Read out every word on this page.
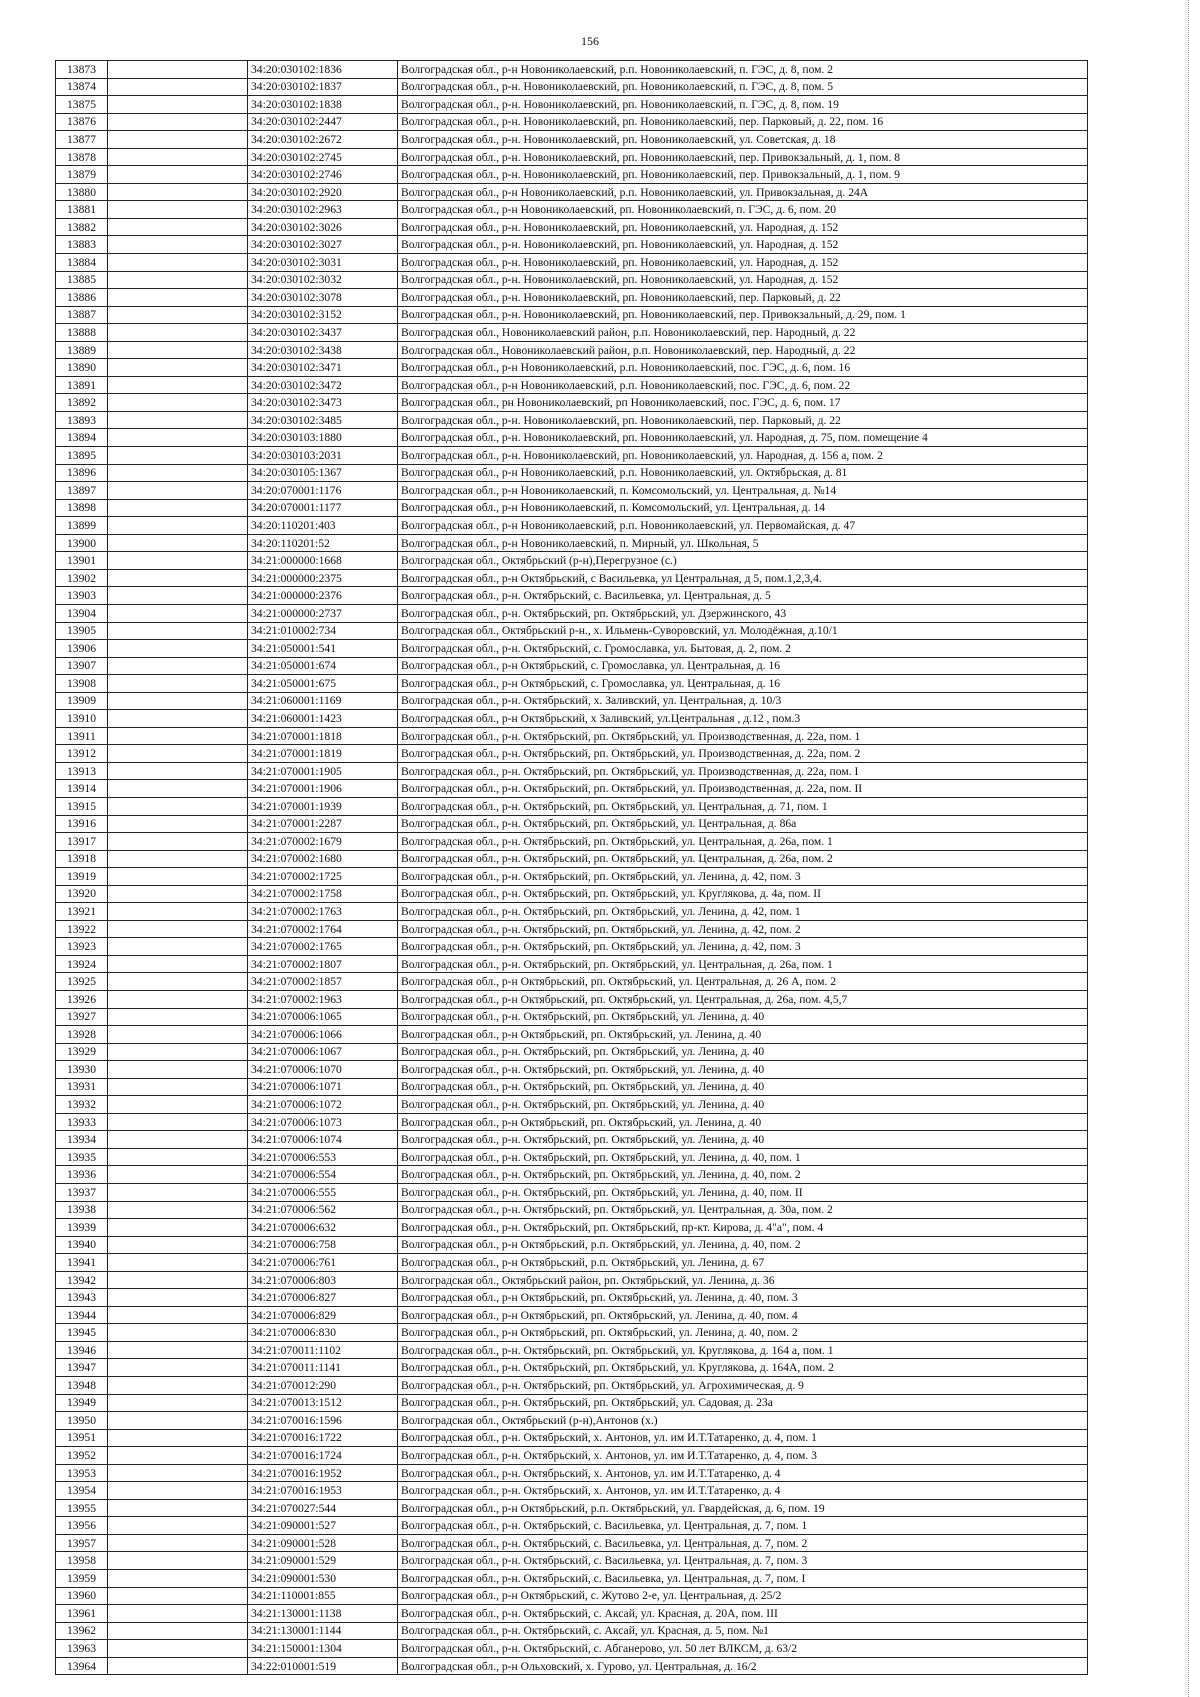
156
13873		34:20:030102:1836	Волгоградская обл., р-н Новониколаевский, р.п. Новониколаевский, п. ГЭС, д. 8, пом. 2
13874		34:20:030102:1837	Волгоградская обл., р-н. Новониколаевский, рп. Новониколаевский, п. ГЭС, д. 8, пом. 5
13875		34:20:030102:1838	Волгоградская обл., р-н. Новониколаевский, рп. Новониколаевский, п. ГЭС, д. 8, пом. 19
13876		34:20:030102:2447	Волгоградская обл., р-н. Новониколаевский, рп. Новониколаевский, пер. Парковый, д. 22, пом. 16
13877		34:20:030102:2672	Волгоградская обл., р-н. Новониколаевский, рп. Новониколаевский, ул. Советская, д. 18
13878		34:20:030102:2745	Волгоградская обл., р-н. Новониколаевский, рп. Новониколаевский, пер. Привокзальный, д. 1, пом. 8
13879		34:20:030102:2746	Волгоградская обл., р-н. Новониколаевский, рп. Новониколаевский, пер. Привокзальный, д. 1, пом. 9
13880		34:20:030102:2920	Волгоградская обл., р-н Новониколаевский, р.п. Новониколаевский, ул. Привокзальная, д. 24А
13881		34:20:030102:2963	Волгоградская обл., р-н Новониколаевский, рп. Новониколаевский, п. ГЭС, д. 6, пом. 20
13882		34:20:030102:3026	Волгоградская обл., р-н. Новониколаевский, рп. Новониколаевский, ул. Народная, д. 152
13883		34:20:030102:3027	Волгоградская обл., р-н. Новониколаевский, рп. Новониколаевский, ул. Народная, д. 152
13884		34:20:030102:3031	Волгоградская обл., р-н. Новониколаевский, рп. Новониколаевский, ул. Народная, д. 152
13885		34:20:030102:3032	Волгоградская обл., р-н. Новониколаевский, рп. Новониколаевский, ул. Народная, д. 152
13886		34:20:030102:3078	Волгоградская обл., р-н. Новониколаевский, рп. Новониколаевский, пер. Парковый, д. 22
13887		34:20:030102:3152	Волгоградская обл., р-н. Новониколаевский, рп. Новониколаевский, пер. Привокзальный, д. 29, пом. 1
13888		34:20:030102:3437	Волгоградская обл., Новониколаевский район, р.п. Новониколаевский, пер. Народный, д. 22
13889		34:20:030102:3438	Волгоградская обл., Новониколаевский район, р.п. Новониколаевский, пер. Народный, д. 22
13890		34:20:030102:3471	Волгоградская обл., р-н Новониколаевский, р.п. Новониколаевский, пос. ГЭС, д. 6, пом. 16
13891		34:20:030102:3472	Волгоградская обл., р-н Новониколаевский, р.п. Новониколаевский, пос. ГЭС, д. 6, пом. 22
13892		34:20:030102:3473	Волгоградская обл., рн Новониколаевский, рп Новониколаевский, пос. ГЭС, д. 6, пом. 17
13893		34:20:030102:3485	Волгоградская обл., р-н. Новониколаевский, рп. Новониколаевский, пер. Парковый, д. 22
13894		34:20:030103:1880	Волгоградская обл., р-н. Новониколаевский, рп. Новониколаевский, ул. Народная, д. 75, пом. помещение 4
13895		34:20:030103:2031	Волгоградская обл., р-н. Новониколаевский, рп. Новониколаевский, ул. Народная, д. 156 а, пом. 2
13896		34:20:030105:1367	Волгоградская обл., р-н Новониколаевский, р.п. Новониколаевский, ул. Октябрьская, д. 81
13897		34:20:070001:1176	Волгоградская обл., р-н Новониколаевский, п. Комсомольский, ул. Центральная, д. №14
13898		34:20:070001:1177	Волгоградская обл., р-н Новониколаевский, п. Комсомольский, ул. Центральная, д. 14
13899		34:20:110201:403	Волгоградская обл., р-н Новониколаевский, р.п. Новониколаевский, ул. Первомайская, д. 47
13900		34:20:110201:52	Волгоградская обл., р-н Новониколаевский, п. Мирный, ул. Школьная, 5
13901		34:21:000000:1668	Волгоградская обл., Октябрьский (р-н),Перегрузное (с.)
13902		34:21:000000:2375	Волгоградская обл., р-н Октябрьский, с Васильевка, ул Центральная, д 5, пом.1,2,3,4.
13903		34:21:000000:2376	Волгоградская обл., р-н. Октябрьский, с. Васильевка, ул. Центральная, д. 5
13904		34:21:000000:2737	Волгоградская обл., р-н. Октябрьский, рп. Октябрьский, ул. Дзержинского, 43
13905		34:21:010002:734	Волгоградская обл., Октябрьский р-н., х. Ильмень-Суворовский, ул. Молодёжная, д.10/1
13906		34:21:050001:541	Волгоградская обл., р-н. Октябрьский, с. Громославка, ул. Бытовая, д. 2, пом. 2
13907		34:21:050001:674	Волгоградская обл., р-н Октябрьский, с. Громославка, ул. Центральная, д. 16
13908		34:21:050001:675	Волгоградская обл., р-н Октябрьский, с. Громославка, ул. Центральная, д. 16
13909		34:21:060001:1169	Волгоградская обл., р-н. Октябрьский, х. Заливский, ул. Центральная, д. 10/3
13910		34:21:060001:1423	Волгоградская обл., р-н Октябрьский, х Заливский, ул.Центральная , д.12 , пом.3
13911		34:21:070001:1818	Волгоградская обл., р-н. Октябрьский, рп. Октябрьский, ул. Производственная, д. 22а, пом. 1
13912		34:21:070001:1819	Волгоградская обл., р-н. Октябрьский, рп. Октябрьский, ул. Производственная, д. 22а, пом. 2
13913		34:21:070001:1905	Волгоградская обл., р-н. Октябрьский, рп. Октябрьский, ул. Производственная, д. 22а, пом. I
13914		34:21:070001:1906	Волгоградская обл., р-н. Октябрьский, рп. Октябрьский, ул. Производственная, д. 22а, пом. II
13915		34:21:070001:1939	Волгоградская обл., р-н. Октябрьский, рп. Октябрьский, ул. Центральная, д. 71, пом. 1
13916		34:21:070001:2287	Волгоградская обл., р-н. Октябрьский, рп. Октябрьский, ул. Центральная, д. 86а
13917		34:21:070002:1679	Волгоградская обл., р-н. Октябрьский, рп. Октябрьский, ул. Центральная, д. 26а, пом. 1
13918		34:21:070002:1680	Волгоградская обл., р-н. Октябрьский, рп. Октябрьский, ул. Центральная, д. 26а, пом. 2
13919		34:21:070002:1725	Волгоградская обл., р-н. Октябрьский, рп. Октябрьский, ул. Ленина, д. 42, пом. 3
13920		34:21:070002:1758	Волгоградская обл., р-н. Октябрьский, рп. Октябрьский, ул. Круглякова, д. 4а, пом. II
13921		34:21:070002:1763	Волгоградская обл., р-н. Октябрьский, рп. Октябрьский, ул. Ленина, д. 42, пом. 1
13922		34:21:070002:1764	Волгоградская обл., р-н. Октябрьский, рп. Октябрьский, ул. Ленина, д. 42, пом. 2
13923		34:21:070002:1765	Волгоградская обл., р-н. Октябрьский, рп. Октябрьский, ул. Ленина, д. 42, пом. 3
13924		34:21:070002:1807	Волгоградская обл., р-н. Октябрьский, рп. Октябрьский, ул. Центральная, д. 26а, пом. 1
13925		34:21:070002:1857	Волгоградская обл., р-н Октябрьский, рп. Октябрьский, ул. Центральная, д. 26 А, пом. 2
13926		34:21:070002:1963	Волгоградская обл., р-н Октябрьский, рп. Октябрьский, ул. Центральная, д. 26а, пом. 4,5,7
13927		34:21:070006:1065	Волгоградская обл., р-н. Октябрьский, рп. Октябрьский, ул. Ленина, д. 40
13928		34:21:070006:1066	Волгоградская обл., р-н Октябрьский, рп. Октябрьский, ул. Ленина, д. 40
13929		34:21:070006:1067	Волгоградская обл., р-н. Октябрьский, рп. Октябрьский, ул. Ленина, д. 40
13930		34:21:070006:1070	Волгоградская обл., р-н. Октябрьский, рп. Октябрьский, ул. Ленина, д. 40
13931		34:21:070006:1071	Волгоградская обл., р-н. Октябрьский, рп. Октябрьский, ул. Ленина, д. 40
13932		34:21:070006:1072	Волгоградская обл., р-н. Октябрьский, рп. Октябрьский, ул. Ленина, д. 40
13933		34:21:070006:1073	Волгоградская обл., р-н Октябрьский, рп. Октябрьский, ул. Ленина, д. 40
13934		34:21:070006:1074	Волгоградская обл., р-н. Октябрьский, рп. Октябрьский, ул. Ленина, д. 40
13935		34:21:070006:553	Волгоградская обл., р-н. Октябрьский, рп. Октябрьский, ул. Ленина, д. 40, пом. 1
13936		34:21:070006:554	Волгоградская обл., р-н. Октябрьский, рп. Октябрьский, ул. Ленина, д. 40, пом. 2
13937		34:21:070006:555	Волгоградская обл., р-н. Октябрьский, рп. Октябрьский, ул. Ленина, д. 40, пом. II
13938		34:21:070006:562	Волгоградская обл., р-н. Октябрьский, рп. Октябрьский, ул. Центральная, д. 30а, пом. 2
13939		34:21:070006:632	Волгоградская обл., р-н. Октябрьский, рп. Октябрьский, пр-кт. Кирова, д. 4"а", пом. 4
13940		34:21:070006:758	Волгоградская обл., р-н Октябрьский, р.п. Октябрьский, ул. Ленина, д. 40, пом. 2
13941		34:21:070006:761	Волгоградская обл., р-н Октябрьский, р.п. Октябрьский, ул. Ленина, д. 67
13942		34:21:070006:803	Волгоградская обл., Октябрьский район, рп. Октябрьский, ул. Ленина, д. 36
13943		34:21:070006:827	Волгоградская обл., р-н Октябрьский, рп. Октябрьский, ул. Ленина, д. 40, пом. 3
13944		34:21:070006:829	Волгоградская обл., р-н Октябрьский, рп. Октябрьский, ул. Ленина, д. 40, пом. 4
13945		34:21:070006:830	Волгоградская обл., р-н Октябрьский, рп. Октябрьский, ул. Ленина, д. 40, пом. 2
13946		34:21:070011:1102	Волгоградская обл., р-н. Октябрьский, рп. Октябрьский, ул. Круглякова, д. 164 а, пом. 1
13947		34:21:070011:1141	Волгоградская обл., р-н. Октябрьский, рп. Октябрьский, ул. Круглякова, д. 164А, пом. 2
13948		34:21:070012:290	Волгоградская обл., р-н. Октябрьский, рп. Октябрьский, ул. Агрохимическая, д. 9
13949		34:21:070013:1512	Волгоградская обл., р-н. Октябрьский, рп. Октябрьский, ул. Садовая, д. 23а
13950		34:21:070016:1596	Волгоградская обл., Октябрьский (р-н),Антонов (х.)
13951		34:21:070016:1722	Волгоградская обл., р-н. Октябрьский, х. Антонов, ул. им И.Т.Татаренко, д. 4, пом. 1
13952		34:21:070016:1724	Волгоградская обл., р-н. Октябрьский, х. Антонов, ул. им И.Т.Татаренко, д. 4, пом. 3
13953		34:21:070016:1952	Волгоградская обл., р-н. Октябрьский, х. Антонов, ул. им И.Т.Татаренко, д. 4
13954		34:21:070016:1953	Волгоградская обл., р-н. Октябрьский, х. Антонов, ул. им И.Т.Татаренко, д. 4
13955		34:21:070027:544	Волгоградская обл., р-н Октябрьский, р.п. Октябрьский, ул. Гвардейская, д. 6, пом. 19
13956		34:21:090001:527	Волгоградская обл., р-н. Октябрьский, с. Васильевка, ул. Центральная, д. 7, пом. 1
13957		34:21:090001:528	Волгоградская обл., р-н. Октябрьский, с. Васильевка, ул. Центральная, д. 7, пом. 2
13958		34:21:090001:529	Волгоградская обл., р-н. Октябрьский, с. Васильевка, ул. Центральная, д. 7, пом. 3
13959		34:21:090001:530	Волгоградская обл., р-н. Октябрьский, с. Васильевка, ул. Центральная, д. 7, пом. I
13960		34:21:110001:855	Волгоградская обл., р-н Октябрьский, с. Жутово 2-е, ул. Центральная, д. 25/2
13961		34:21:130001:1138	Волгоградская обл., р-н. Октябрьский, с. Аксай, ул. Красная, д. 20А, пом. III
13962		34:21:130001:1144	Волгоградская обл., р-н. Октябрьский, с. Аксай, ул. Красная, д. 5, пом. №1
13963		34:21:150001:1304	Волгоградская обл., р-н. Октябрьский, с. Абганерово, ул. 50 лет ВЛКСМ, д. 63/2
13964		34:22:010001:519	Волгоградская обл., р-н Ольховский, х. Гурово, ул. Центральная, д. 16/2
